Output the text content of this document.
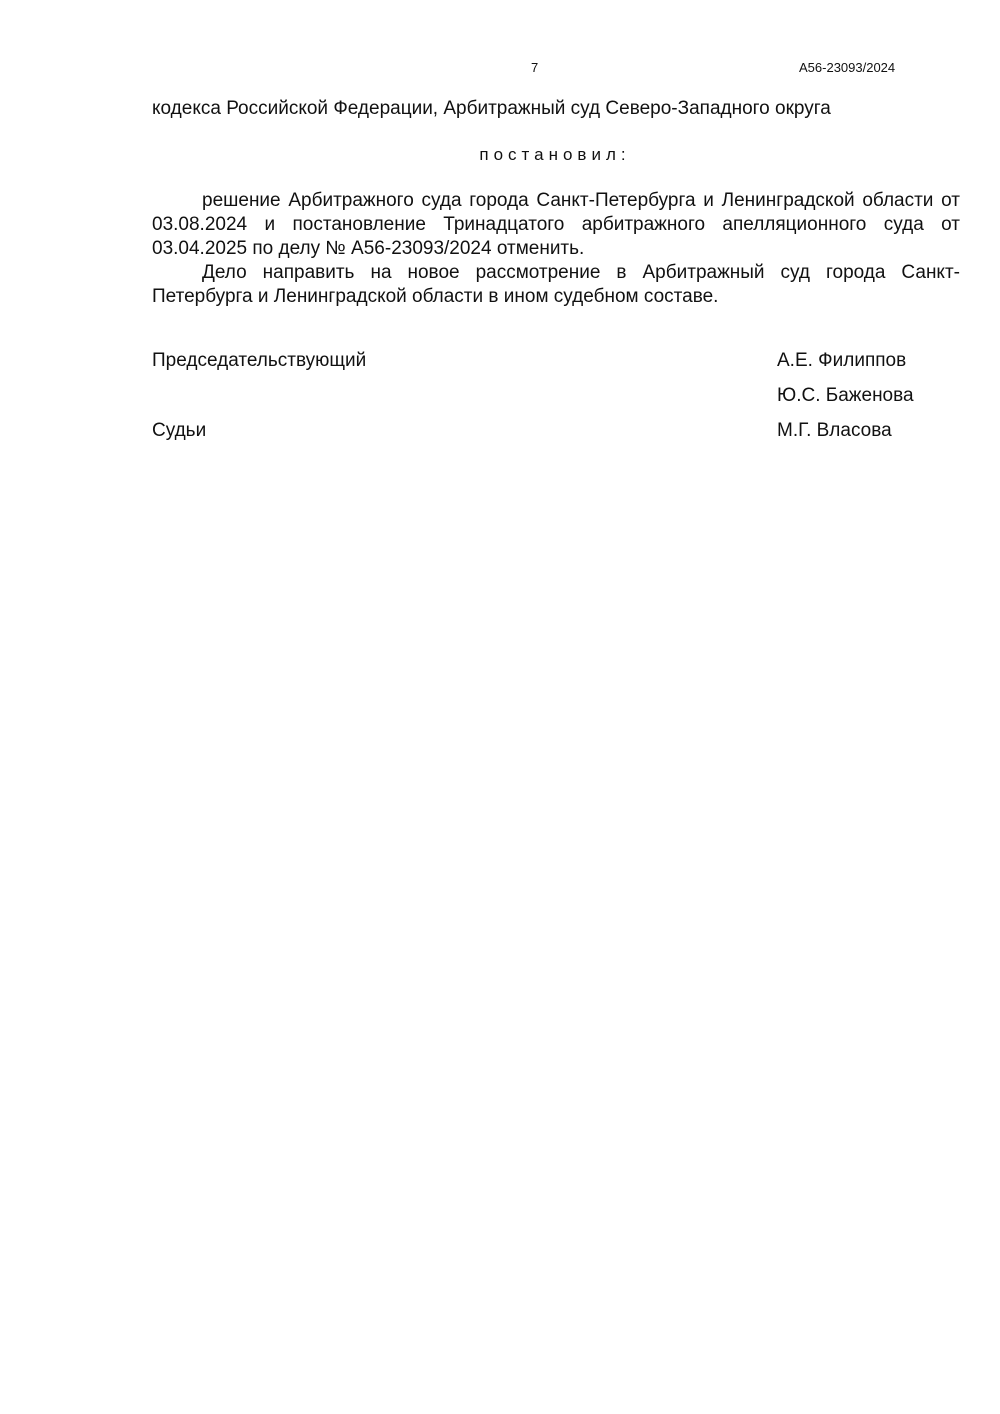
7	А56-23093/2024
кодекса Российской Федерации, Арбитражный суд Северо-Западного округа
постановил:

решение Арбитражного суда города Санкт-Петербурга и Ленинградской области от 03.08.2024 и постановление Тринадцатого арбитражного апелляционного суда от 03.04.2025 по делу № А56-23093/2024 отменить.

Дело направить на новое рассмотрение в Арбитражный суд города Санкт-Петербурга и Ленинградской области в ином судебном составе.

Председательствующий	А.Е. Филиппов
Ю.С. Баженова
Судьи	М.Г. Власова
